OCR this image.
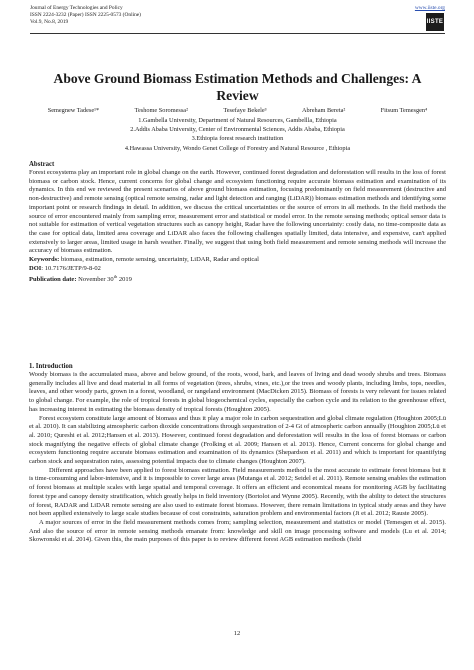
Journal of Energy Technologies and Policy
ISSN 2224-3232 (Paper) ISSN 2225-0573 (Online)
Vol.9, No.8, 2019
www.iiste.org
IISTE
Above Ground Biomass Estimation Methods and Challenges: A
Review
Semegnew Tadese¹*	Teshome Soromessa²	Tesefaye Bekele³	Abreham Bereta²	Fitsum Temesgen⁴
1.Gambella University, Department of Natural Resources, Gambellla, Ethiopia
2.Addis Ababa University, Center of Environmental Sciences, Addis Ababa, Ethiopia
3.Ethiopia forest research institution
4.Hawassa University, Wondo Genet College of Forestry and Natural Resource , Ethiopia
Abstract

Forest ecosystems play an important role in global change on the earth. However, continued forest degradation and deforestation will results in the loss of forest biomass or carbon stock. Hence, current concerns for global change and ecosystem functioning require accurate biomass estimation and examination of its dynamics. In this end we reviewed the present scenarios of above ground biomass estimation, focusing predominantly on field measurement (destructive and non-destructive) and remote sensing (optical remote sensing, radar and light detection and ranging (LiDAR)) biomass estimation methods and identifying some important point or research findings in detail. In addition, we discuss the critical uncertainties or the source of errors in all methods. In the field methods the source of error encountered mainly from sampling error, measurement error and statistical or model error. In the remote sensing methods; optical sensor data is not suitable for estimation of vertical vegetation structures such as canopy height, Radar have the following uncertainty: costly data, no time-composite data as the case for optical data, limited area coverage and LiDAR also faces the following challenges spatially limited, data intensive, and expensive, can't applied extensively to larger areas, limited usage in harsh weather. Finally, we suggest that using both field measurement and remote sensing methods will increase the accuracy of biomass estimation.

Keywords: biomass, estimation, remote sensing, uncertainty, LiDAR, Radar and optical

DOI: 10.7176/JETP/9-8-02

Publication date: November 30th 2019

1. Introduction

Woody biomass is the accumulated mass, above and below ground, of the roots, wood, bark, and leaves of living and dead woody shrubs and trees. Biomass generally includes all live and dead material in all forms of vegetation (trees, shrubs, vines, etc.),or the trees and woody plants, including limbs, tops, needles, leaves, and other woody parts, grown in a forest, woodland, or rangeland environment (MacDicken 2015). Biomass of forests is very relevant for issues related to global change. For example, the role of tropical forests in global biogeochemical cycles, especially the carbon cycle and its relation to the greenhouse effect, has increasing interest in estimating the biomass density of tropical forests (Houghton 2005).

Forest ecosystem constitute large amount of biomass and thus it play a major role in carbon sequestration and global climate regulation (Houghton 2005;Lü et al. 2010). It can stabilizing atmospheric carbon dioxide concentrations through sequestration of 2-4 Gt of atmospheric carbon annually (Houghton 2005;Lü et al. 2010; Qureshi et al. 2012;Hansen et al. 2013). However, continued forest degradation and deforestation will results in the loss of forest biomass or carbon stock magnifying the negative effects of global climate change (Frolking et al. 2009; Hansen et al. 2013). Hence, Current concerns for global change and ecosystem functioning require accurate biomass estimation and examination of its dynamics (Shepardson et al. 2011) and which is important for quantifying carbon stock and sequestration rates, assessing potential impacts due to climate changes (Houghton 2007).

Different approaches have been applied to forest biomass estimation. Field measurements method is the most accurate to estimate forest biomass but it is time-consuming and labor-intensive, and it is impossible to cover large areas (Mutanga et al. 2012; Seidel et al. 2011). Remote sensing enables the estimation of forest biomass at multiple scales with large spatial and temporal coverage. It offers an efficient and economical means for monitoring AGB by facilitating forest type and canopy density stratification, which greatly helps in field inventory (Bortolot and Wynne 2005). Recently, with the ability to detect the structures of forest, RADAR and LiDAR remote sensing are also used to estimate forest biomass. However, there remain limitations in typical study areas and they have not been applied extensively to large scale studies because of cost constraints, saturation problem and environmental factors (Ji et al. 2012; Rauste 2005).

A major sources of error in the field measurement methods comes from; sampling selection, measurement and statistics or model (Temesgen et al. 2015). And also the source of error in remote sensing methods emanate from: knowledge and skill on image processing software and models (Lu et al. 2014; Skowronski et al. 2014). Given this, the main purposes of this paper is to review different forest AGB estimation methods (field

12
